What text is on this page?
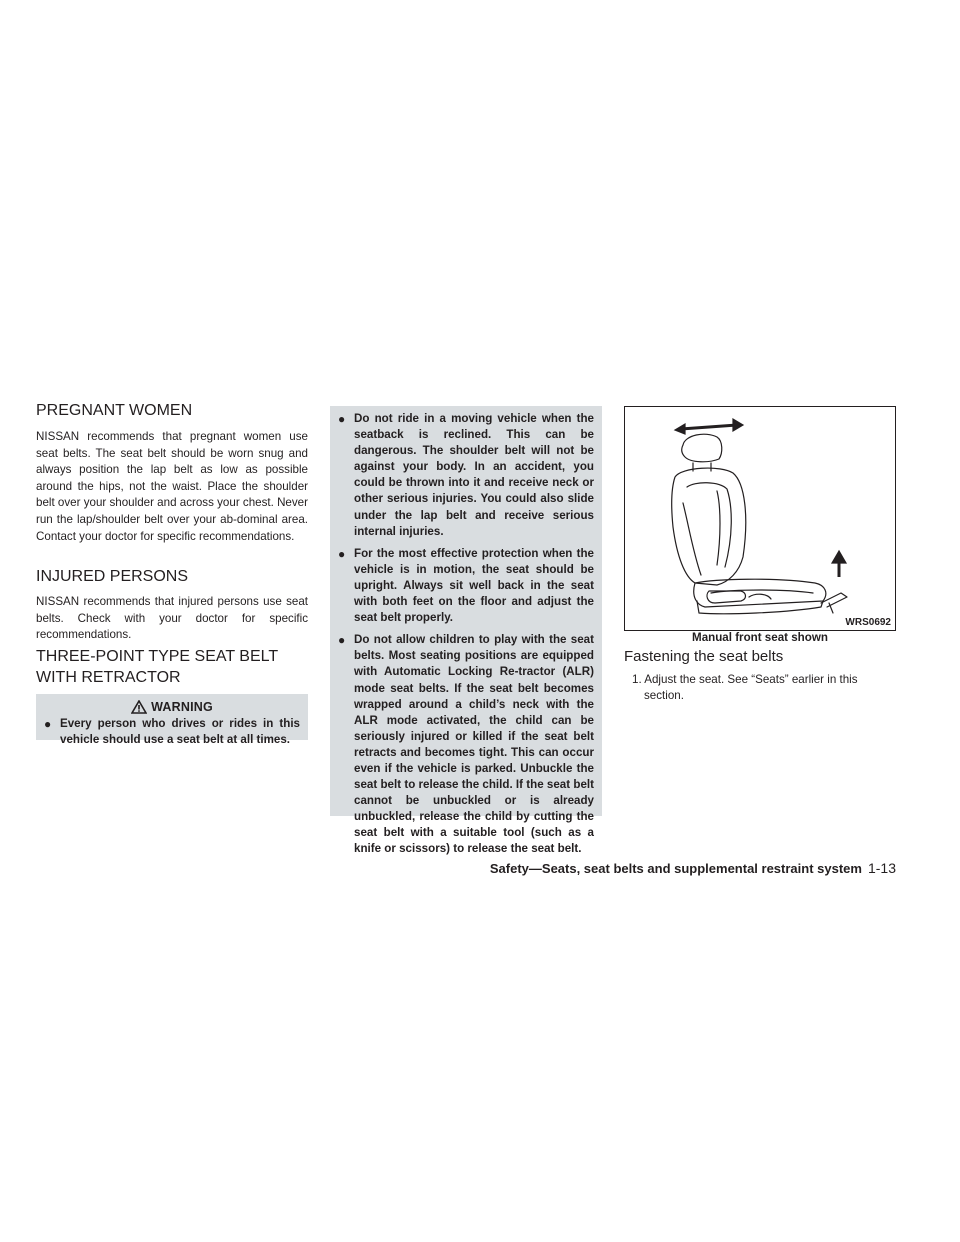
PREGNANT WOMEN

NISSAN recommends that pregnant women use seat belts. The seat belt should be worn snug and always position the lap belt as low as possible around the hips, not the waist. Place the shoulder belt over your shoulder and across your chest. Never run the lap/shoulder belt over your ab-dominal area. Contact your doctor for specific recommendations.

INJURED PERSONS

NISSAN recommends that injured persons use seat belts. Check with your doctor for specific recommendations.

THREE-POINT TYPE SEAT BELT
WITH RETRACTOR
WARNING
● Every person who drives or rides in this vehicle should use a seat belt at all times.
● Do not ride in a moving vehicle when the seatback is reclined. This can be dangerous. The shoulder belt will not be against your body. In an accident, you could be thrown into it and receive neck or other serious injuries. You could also slide under the lap belt and receive serious internal injuries.
● For the most effective protection when the vehicle is in motion, the seat should be upright. Always sit well back in the seat with both feet on the floor and adjust the seat belt properly.
● Do not allow children to play with the seat belts. Most seating positions are equipped with Automatic Locking Re-tractor (ALR) mode seat belts. If the seat belt becomes wrapped around a child’s neck with the ALR mode activated, the child can be seriously injured or killed if the seat belt retracts and becomes tight. This can occur even if the vehicle is parked. Unbuckle the seat belt to release the child. If the seat belt cannot be unbuckled or is already unbuckled, release the child by cutting the seat belt with a suitable tool (such as a knife or scissors) to release the seat belt.
WRS0692
Manual front seat shown
Fastening the seat belts
1. Adjust the seat. See “Seats” earlier in this section.
Safety—Seats, seat belts and supplemental restraint system 1-13
